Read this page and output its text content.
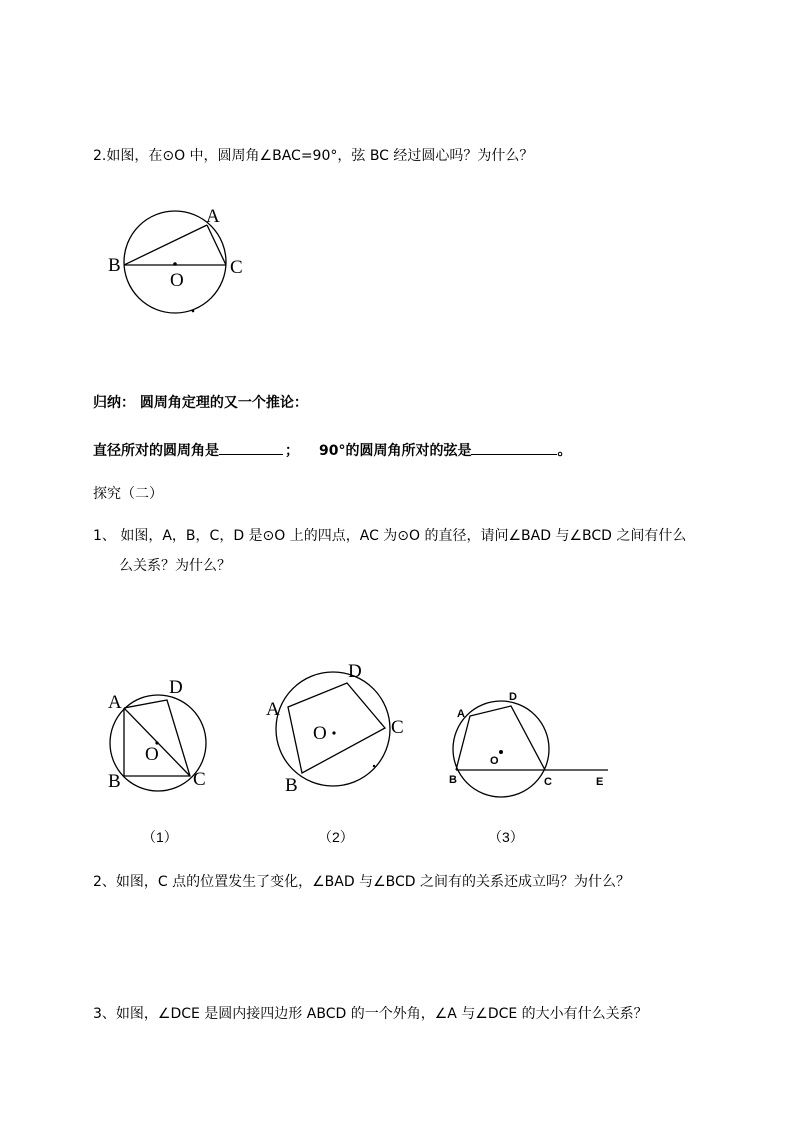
2.如图，在⊙O 中，圆周角∠BAC=90°，弦 BC 经过圆心吗？为什么？
A
B	C
O
A
B	C
D
O
A
B
C
D
O
A
B	C
D
E
O
归纳： 圆周角定理的又一个推论：
直径所对的圆周角是	； 90°的圆周角所对的弦是	。
探究（二）
1、 如图，A，B，C，D 是⊙O 上的四点，AC 为⊙O 的直径，请问∠BAD 与∠BCD 之间有什么
么关系？为什么？
（1）	（2）	（3）
2、如图，C 点的位置发生了变化，∠BAD 与∠BCD 之间有的关系还成立吗？为什么？
3、如图，∠DCE 是圆内接四边形 ABCD 的一个外角，∠A 与∠DCE 的大小有什么关系？
